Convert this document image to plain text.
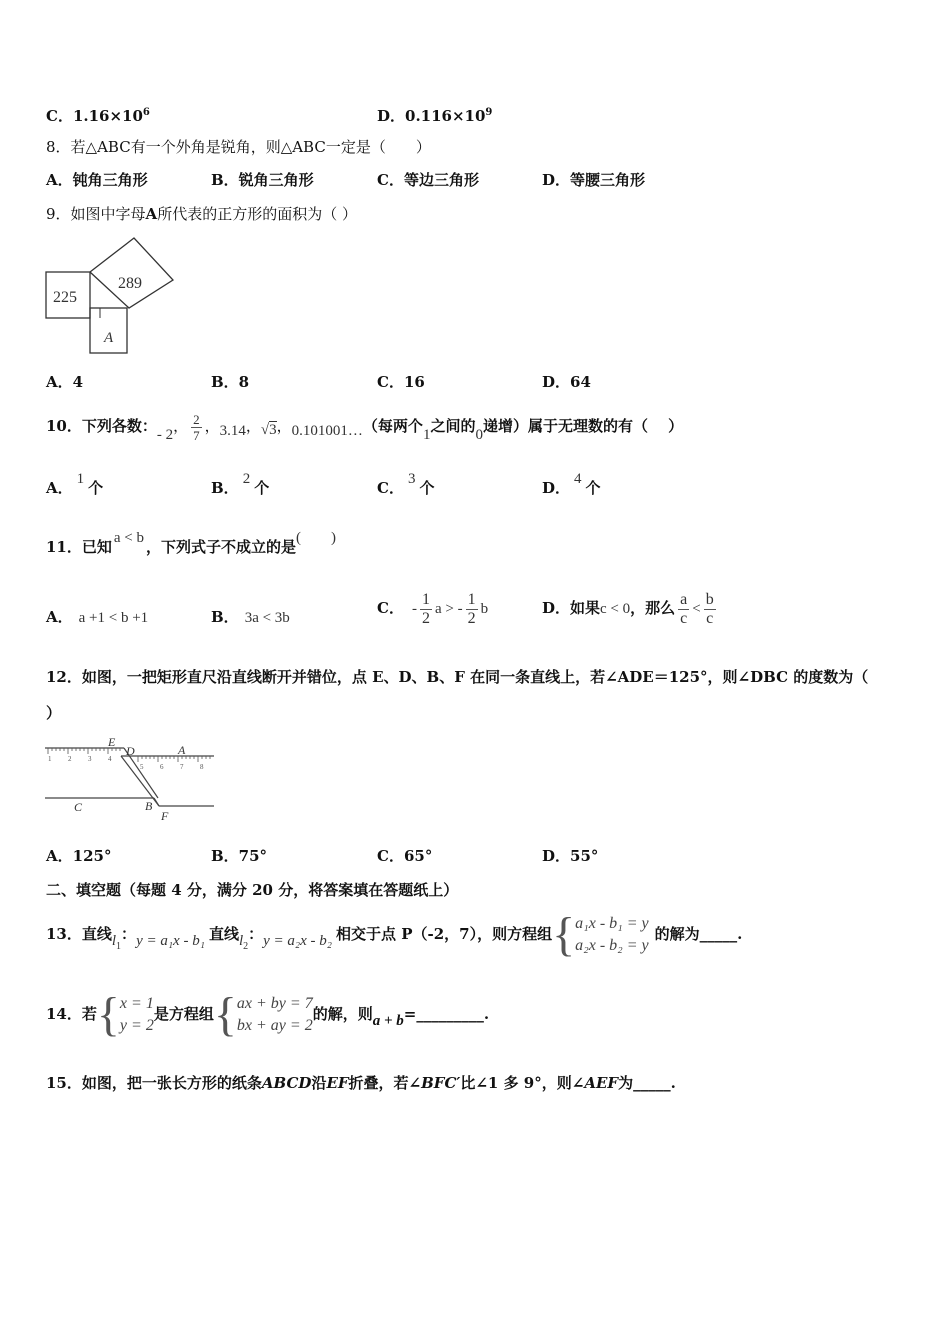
C．$1.16\times 10^6$	D．$0.116\times 10^9$
8．若△ABC有一个外角是锐角，则△ABC一定是（　　）
A．钝角三角形	B．锐角三角形	C．等边三角形	D．等腰三角形
9．如图中字母A所代表的正方形的面积为（ ）
225
289
A
A．4	B．8	C．16	D．64
10．下列各数：- 2， $\frac{2}{7}$ ，3.14，√3，0.101001…（每两个1之间的0递增）属于无理数的有（　 ）
A． 1 个	B． 2 个	C． 3 个	D． 4 个
11．已知 a < b ，下列式子不成立的是(　　)
A． a +1 < b +1	B． 3a < 3b
C． - $\frac{1}{2}$ a > - $\frac{1}{2}$ b	D．如果c < 0，那么 $\frac{a}{c} < \frac{b}{c}$
12．如图，一把矩形直尺沿直线断开并错位，点 E、D、B、F 在同一条直线上，若∠ADE＝125°，则∠DBC 的度数为（
）
1 2 3 4
5 6 7 8
E
D	A
C	B
F
A．125°	B．75°	C．65°	D．55°
二、填空题（每题 4 分，满分 20 分，将答案填在答题纸上）
13．直线$l_1$：y = a₁x - b₁ 直线$l_2$：y = a₂x - b₂ 相交于点 P（-2，7），则方程组{ a₁x - b₁ = y
a₂x - b₂ = y
的解为_____.
14．若{ x = 1
y = 2
是方程组{ ax + by = 7
bx + ay = 2
的解，则a + b=_________.
15．如图，把一张长方形的纸条ABCD沿EF折叠，若∠BFC′比∠1 多 9°，则∠AEF为_____.
